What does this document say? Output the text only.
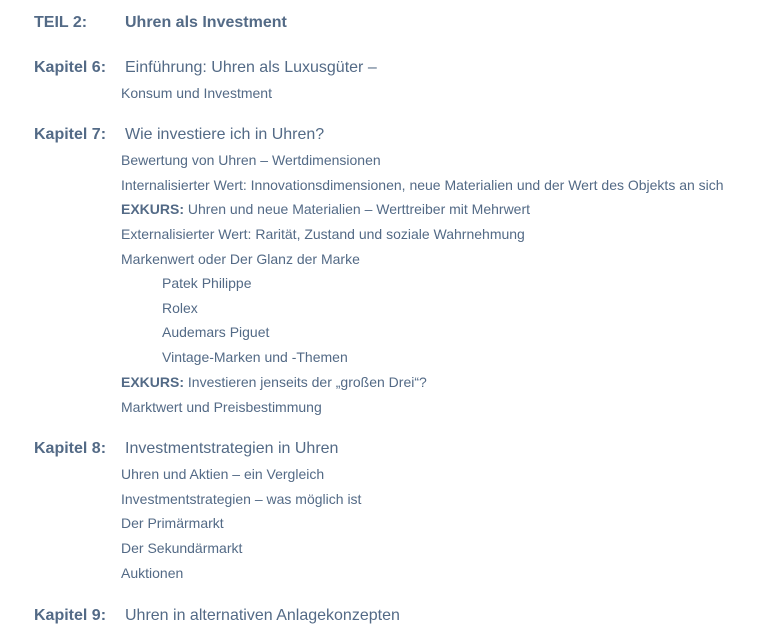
TEIL 2: Uhren als Investment
Kapitel 6: Einführung: Uhren als Luxusgüter –
Konsum und Investment
Kapitel 7: Wie investiere ich in Uhren?
Bewertung von Uhren – Wertdimensionen
Internalisierter Wert: Innovationsdimensionen, neue Materialien und der Wert des Objekts an sich
EXKURS: Uhren und neue Materialien – Werttreiber mit Mehrwert
Externalisierter Wert: Rarität, Zustand und soziale Wahrnehmung
Markenwert oder Der Glanz der Marke
Patek Philippe
Rolex
Audemars Piguet
Vintage-Marken und -Themen
EXKURS: Investieren jenseits der „großen Drei“?
Marktwert und Preisbestimmung
Kapitel 8: Investmentstrategien in Uhren
Uhren und Aktien – ein Vergleich
Investmentstrategien – was möglich ist
Der Primärmarkt
Der Sekundärmarkt
Auktionen
Kapitel 9: Uhren in alternativen Anlagekonzepten
